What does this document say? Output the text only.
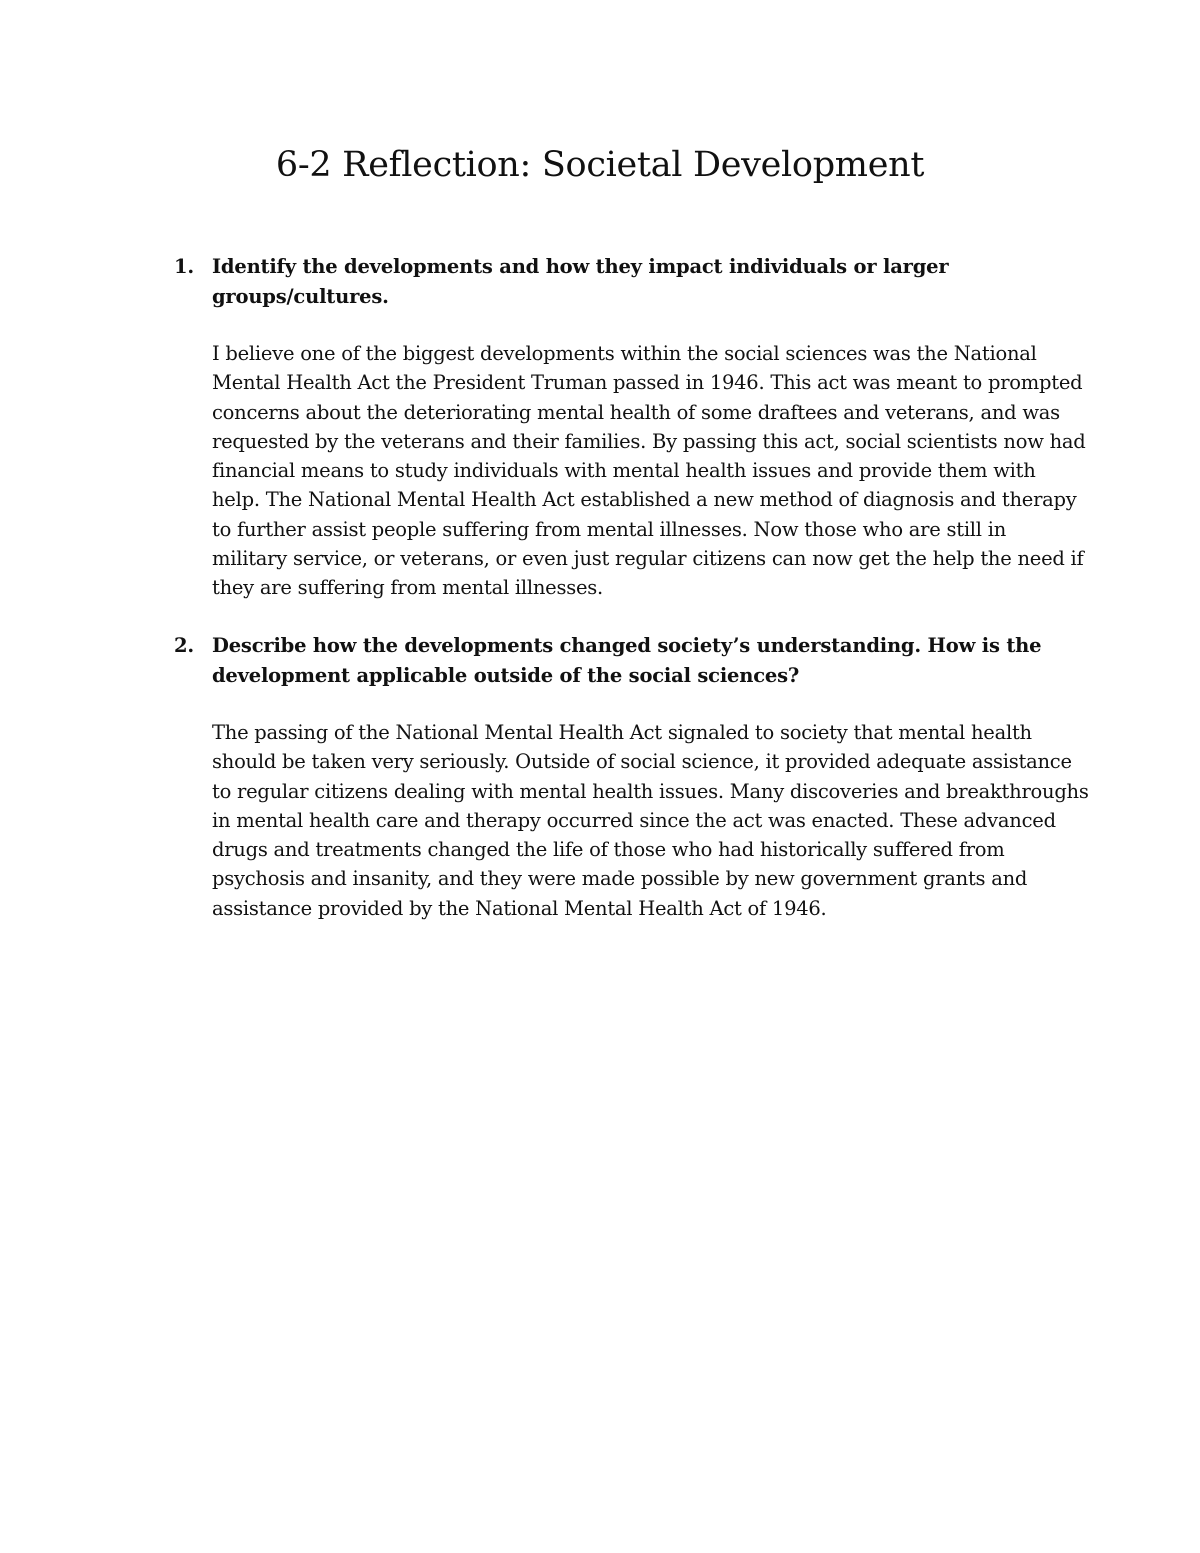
6-2 Reflection: Societal Development
1. Identify the developments and how they impact individuals or larger
groups/cultures.
I believe one of the biggest developments within the social sciences was the National
Mental Health Act the President Truman passed in 1946. This act was meant to prompted
concerns about the deteriorating mental health of some draftees and veterans, and was
requested by the veterans and their families. By passing this act, social scientists now had
financial means to study individuals with mental health issues and provide them with
help. The National Mental Health Act established a new method of diagnosis and therapy
to further assist people suffering from mental illnesses. Now those who are still in
military service, or veterans, or even just regular citizens can now get the help the need if
they are suffering from mental illnesses.
2. Describe how the developments changed society’s understanding. How is the
development applicable outside of the social sciences?
The passing of the National Mental Health Act signaled to society that mental health
should be taken very seriously. Outside of social science, it provided adequate assistance
to regular citizens dealing with mental health issues. Many discoveries and breakthroughs
in mental health care and therapy occurred since the act was enacted. These advanced
drugs and treatments changed the life of those who had historically suffered from
psychosis and insanity, and they were made possible by new government grants and
assistance provided by the National Mental Health Act of 1946.
